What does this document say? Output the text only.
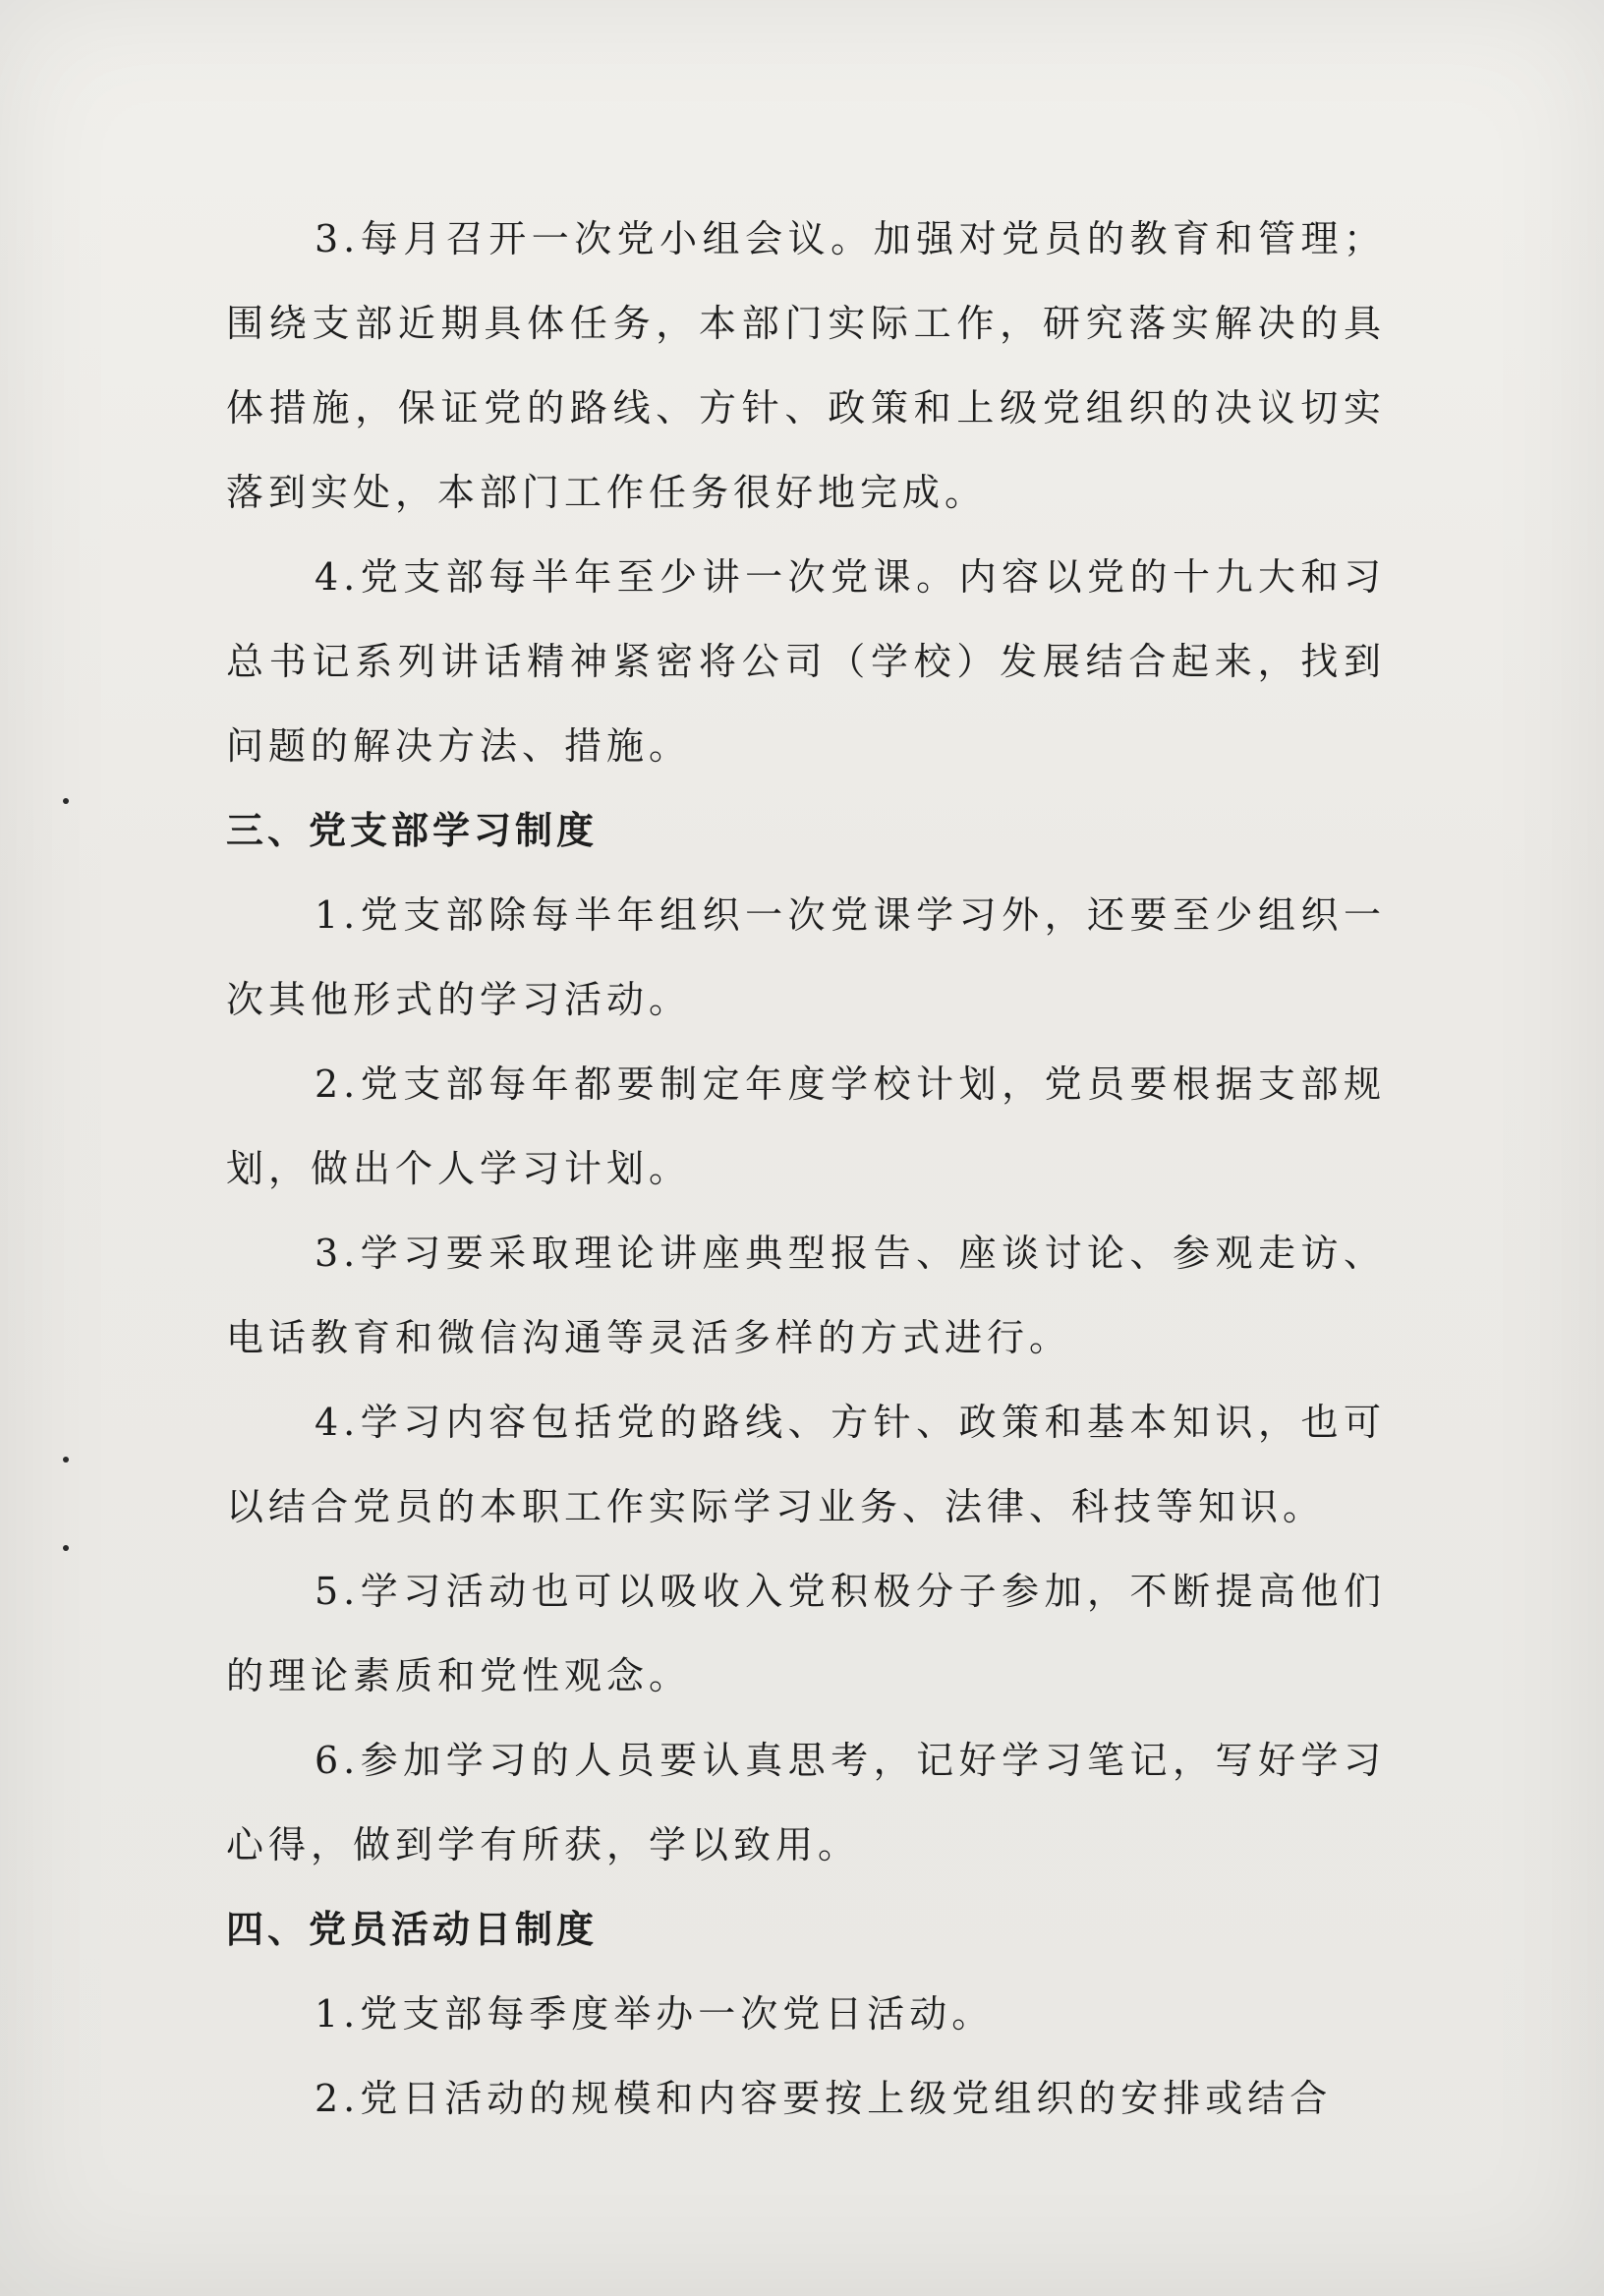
3.每月召开一次党小组会议。加强对党员的教育和管理；围绕支部近期具体任务，本部门实际工作，研究落实解决的具体措施，保证党的路线、方针、政策和上级党组织的决议切实落到实处，本部门工作任务很好地完成。

4.党支部每半年至少讲一次党课。内容以党的十九大和习总书记系列讲话精神紧密将公司（学校）发展结合起来，找到问题的解决方法、措施。

三、党支部学习制度

1.党支部除每半年组织一次党课学习外，还要至少组织一次其他形式的学习活动。

2.党支部每年都要制定年度学校计划，党员要根据支部规划，做出个人学习计划。

3.学习要采取理论讲座典型报告、座谈讨论、参观走访、电话教育和微信沟通等灵活多样的方式进行。

4.学习内容包括党的路线、方针、政策和基本知识，也可以结合党员的本职工作实际学习业务、法律、科技等知识。

5.学习活动也可以吸收入党积极分子参加，不断提高他们的理论素质和党性观念。

6.参加学习的人员要认真思考，记好学习笔记，写好学习心得，做到学有所获，学以致用。

四、党员活动日制度

1.党支部每季度举办一次党日活动。

2.党日活动的规模和内容要按上级党组织的安排或结合
